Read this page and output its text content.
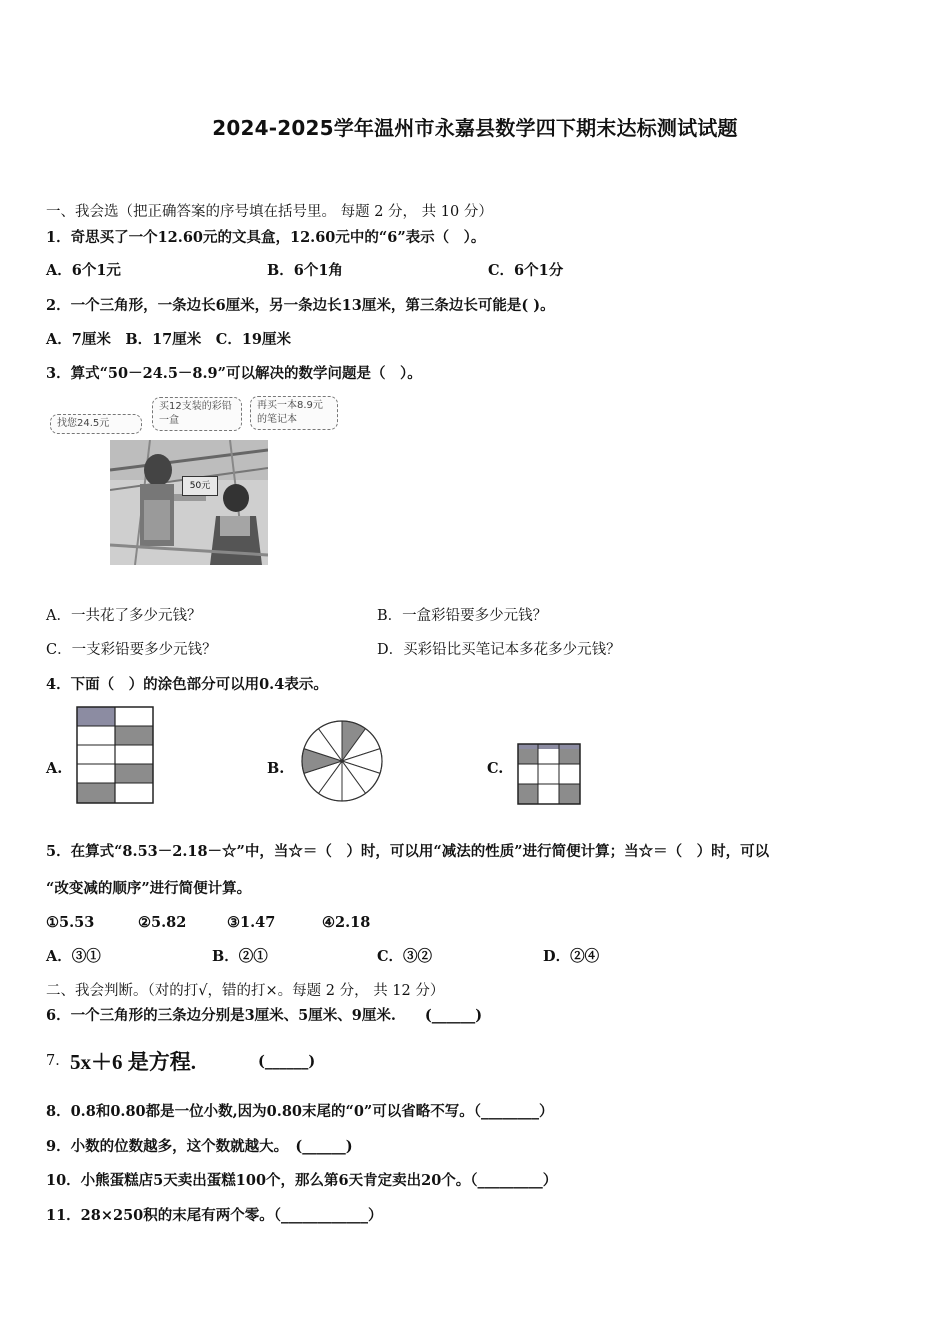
2024-2025学年温州市永嘉县数学四下期末达标测试试题
一、我会选（把正确答案的序号填在括号里。 每题 2 分， 共 10 分）
1．奇思买了一个12.60元的文具盒，12.60元中的“6”表示（　）。
A．6个1元	B．6个1角	C．6个1分
2．一个三角形，一条边长6厘米，另一条边长13厘米，第三条边长可能是( )。
A．7厘米　B．17厘米　C．19厘米
3．算式“50－24.5－8.9”可以解决的数学问题是（　）。
找您24.5元
买12支装的彩铅一盒
再买一本8.9元的笔记本
50元
A．一共花了多少元钱？	B．一盒彩铅要多少元钱？
C．一支彩铅要多少元钱？	D．买彩铅比买笔记本多花多少元钱？
4．下面（　）的涂色部分可以用0.4表示。
A.	B.	C.
5．在算式“8.53－2.18－☆”中，当☆＝（　）时，可以用“减法的性质”进行简便计算；当☆＝（　）时，可以
“改变减的顺序”进行简便计算。
①5.53	②5.82	③1.47	④2.18
A．③①	B．②①	C．③②	D．②④
二、我会判断。（对的打√，错的打×。每题 2 分， 共 12 分）
6．一个三角形的三条边分别是3厘米、5厘米、9厘米.　　(______)
7． 5x＋6 是方程.	(______)
8．0.8和0.80都是一位小数,因为0.80末尾的“0”可以省略不写。（________）
9．小数的位数越多，这个数就越大。　(______)
10．小熊蛋糕店5天卖出蛋糕100个，那么第6天肯定卖出20个。（_________）
11．28×250积的末尾有两个零。（____________）
